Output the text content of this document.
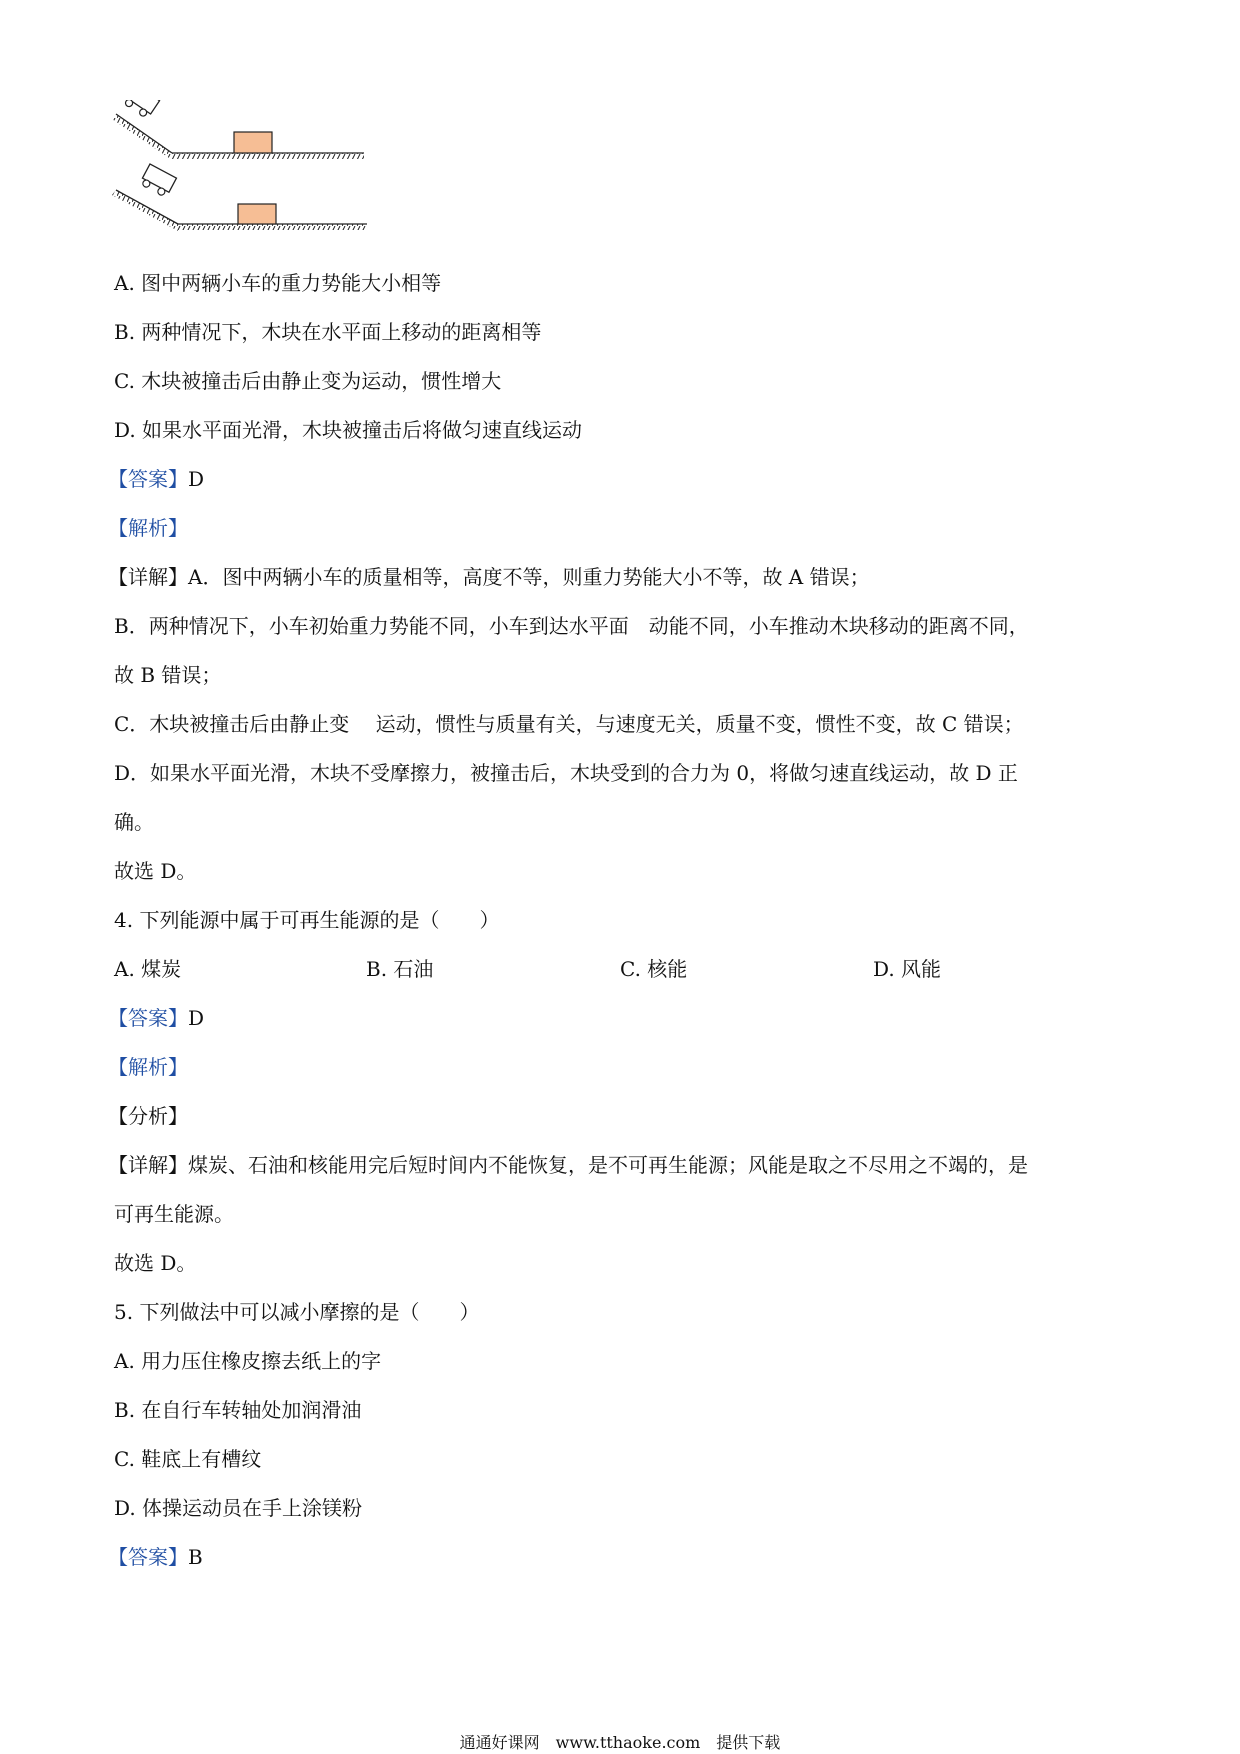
A. 图中两辆小车的重力势能大小相等
B. 两种情况下，木块在水平面上移动的距离相等
C. 木块被撞击后由静止变为运动，惯性增大
D. 如果水平面光滑，木块被撞击后将做匀速直线运动
【答案】D
【解析】
【详解】A．图中两辆小车的质量相等，高度不等，则重力势能大小不等，故 A 错误；
B．两种情况下，小车初始重力势能不同，小车到达水平面　动能不同，小车推动木块移动的距离不同，
故 B 错误；
C．木块被撞击后由静止变　 运动，惯性与质量有关，与速度无关，质量不变，惯性不变，故 C 错误；
D．如果水平面光滑，木块不受摩擦力，被撞击后，木块受到的合力为 0，将做匀速直线运动，故 D 正
确。
故选 D。
4. 下列能源中属于可再生能源的是（　　）
A. 煤炭	B. 石油	C. 核能	D. 风能
【答案】D
【解析】
【分析】
【详解】煤炭、石油和核能用完后短时间内不能恢复，是不可再生能源；风能是取之不尽用之不竭的，是
可再生能源。
故选 D。
5. 下列做法中可以减小摩擦的是（　　）
A. 用力压住橡皮擦去纸上的字
B. 在自行车转轴处加润滑油
C. 鞋底上有槽纹
D. 体操运动员在手上涂镁粉
【答案】B
通通好课网　www.tthaoke.com　提供下载
